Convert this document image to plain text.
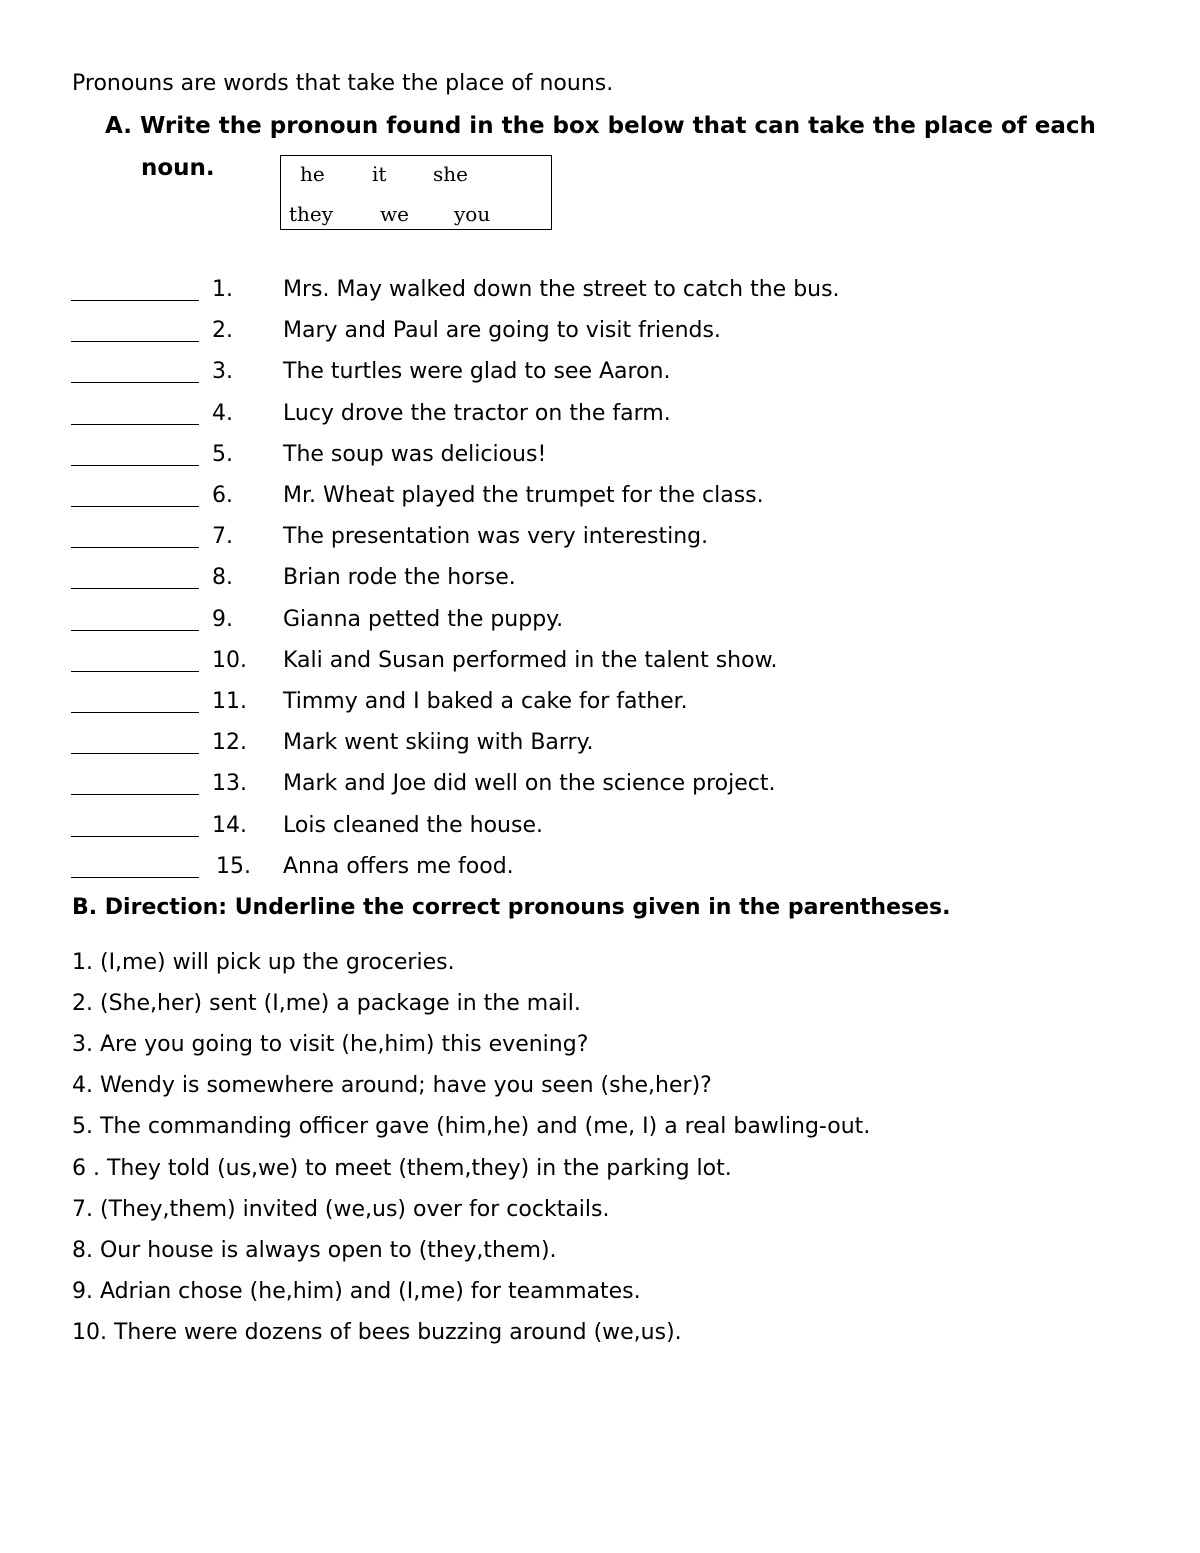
Pronouns are words that take the place of nouns.
A. Write the pronoun found in the box below that can take the place of each
noun.	he it she
they we you
1. Mrs. May walked down the street to catch the bus.
2. Mary and Paul are going to visit friends.
3. The turtles were glad to see Aaron.
4. Lucy drove the tractor on the farm.
5. The soup was delicious!
6. Mr. Wheat played the trumpet for the class.
7. The presentation was very interesting.
8. Brian rode the horse.
9. Gianna petted the puppy.
10. Kali and Susan performed in the talent show.
11. Timmy and I baked a cake for father.
12. Mark went skiing with Barry.
13. Mark and Joe did well on the science project.
14. Lois cleaned the house.
15. Anna offers me food.
B. Direction: Underline the correct pronouns given in the parentheses.
1. (I,me) will pick up the groceries.
2. (She,her) sent (I,me) a package in the mail.
3. Are you going to visit (he,him) this evening?
4. Wendy is somewhere around; have you seen (she,her)?
5. The commanding officer gave (him,he) and (me, I) a real bawling-out.
6 . They told (us,we) to meet (them,they) in the parking lot.
7. (They,them) invited (we,us) over for cocktails.
8. Our house is always open to (they,them).
9. Adrian chose (he,him) and (I,me) for teammates.
10. There were dozens of bees buzzing around (we,us).
